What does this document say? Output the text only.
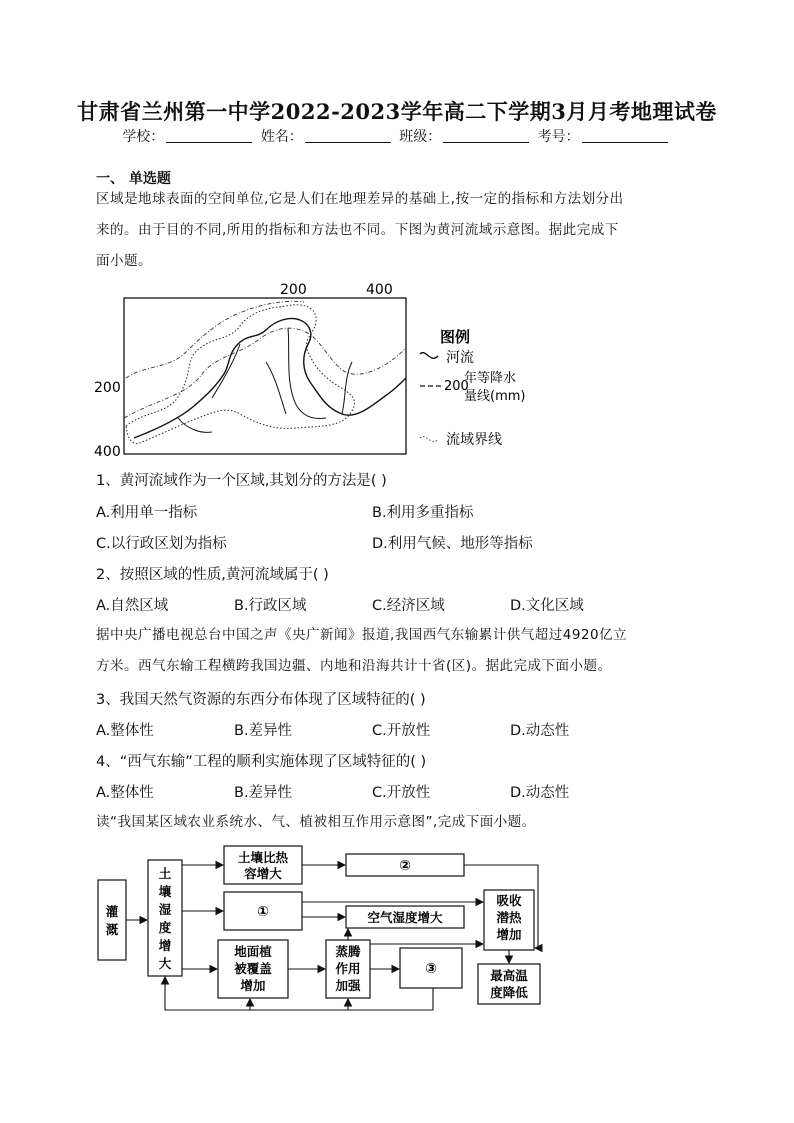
甘肃省兰州第一中学2022-2023学年高二下学期3月月考地理试卷
学校：	姓名：	班级：	考号：
一、 单选题
区域是地球表面的空间单位,它是人们在地理差异的基础上,按一定的指标和方法划分出
来的。由于目的不同,所用的指标和方法也不同。下图为黄河流域示意图。据此完成下
面小题。
200	400
200
400
图例
河流
200
年等降水
量线(mm)
流域界线
1、黄河流域作为一个区域,其划分的方法是( )
A.利用单一指标	B.利用多重指标
C.以行政区划为指标	D.利用气候、地形等指标
2、按照区域的性质,黄河流域属于( )
A.自然区域	B.行政区域	C.经济区域	D.文化区域
据中央广播电视总台中国之声《央广新闻》报道,我国西气东输累计供气超过4920亿立
方米。西气东输工程横跨我国边疆、内地和沿海共计十省(区)。据此完成下面小题。
3、我国天然气资源的东西分布体现了区域特征的( )
A.整体性	B.差异性	C.开放性	D.动态性
4、“西气东输”工程的顺利实施体现了区域特征的( )
A.整体性	B.差异性	C.开放性	D.动态性
读“我国某区域农业系统水、气、植被相互作用示意图”,完成下面小题。
灌
溉
土
壤
湿
度
增
大
土壤比热
容增大	②
①	空气湿度增大
吸收
潜热
增加
地面植
被覆盖
增加
蒸腾
作用
加强
③	最高温
度降低
